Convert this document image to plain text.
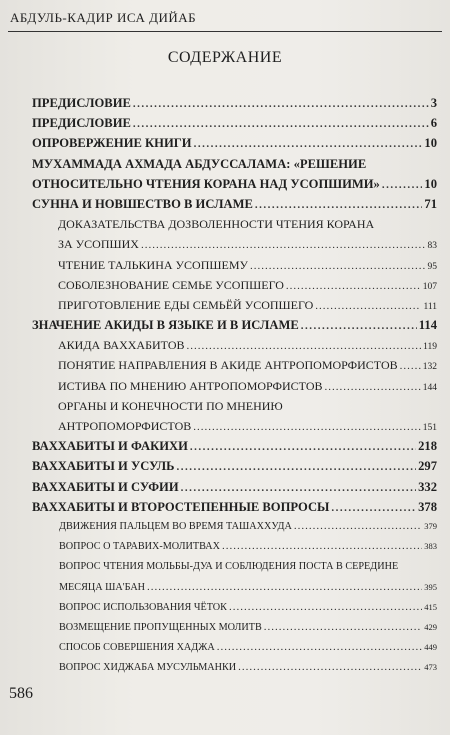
АБДУЛЬ-КАДИР ИСА ДИЙАБ
СОДЕРЖАНИЕ
ПРЕДИСЛОВИЕ .....	3
ПРЕДИСЛОВИЕ .....	6
ОПРОВЕРЖЕНИЕ КНИГИ .....	10
МУХАММАДА АХМАДА АБДУССАЛАМА: «РЕШЕНИЕ
ОТНОСИТЕЛЬНО ЧТЕНИЯ КОРАНА НАД УСОПШИМИ» .....	10
СУННА И НОВШЕСТВО В ИСЛАМЕ .....	71
ДОКАЗАТЕЛЬСТВА ДОЗВОЛЕННОСТИ ЧТЕНИЯ КОРАНА
ЗА УСОПШИХ .....	83
ЧТЕНИЕ ТАЛЬКИНА УСОПШЕМУ .....	95
СОБОЛЕЗНОВАНИЕ СЕМЬЕ УСОПШЕГО .....	107
ПРИГОТОВЛЕНИЕ ЕДЫ СЕМЬЁЙ УСОПШЕГО .....	111
ЗНАЧЕНИЕ АКИДЫ В ЯЗЫКЕ И В ИСЛАМЕ .....	114
АКИДА ВАХХАБИТОВ .....	119
ПОНЯТИЕ НАПРАВЛЕНИЯ В АКИДЕ АНТРОПОМОРФИСТОВ .....	132
ИСТИВА ПО МНЕНИЮ АНТРОПОМОРФИСТОВ .....	144
ОРГАНЫ И КОНЕЧНОСТИ ПО МНЕНИЮ
АНТРОПОМОРФИСТОВ .....	151
ВАХХАБИТЫ И ФАКИХИ .....	218
ВАХХАБИТЫ И УСУЛЬ .....	297
ВАХХАБИТЫ И СУФИИ .....	332
ВАХХАБИТЫ И ВТОРОСТЕПЕННЫЕ ВОПРОСЫ .....	378
ДВИЖЕНИЯ ПАЛЬЦЕМ ВО ВРЕМЯ ТАШАХХУДА .....	379
ВОПРОС О ТАРАВИХ-МОЛИТВАХ .....	383
ВОПРОС ЧТЕНИЯ МОЛЬБЫ-ДУА И СОБЛЮДЕНИЯ ПОСТА В СЕРЕДИНЕ
МЕСЯЦА ША'БАН .....	395
ВОПРОС ИСПОЛЬЗОВАНИЯ ЧЁТОК .....	415
ВОЗМЕЩЕНИЕ ПРОПУЩЕННЫХ МОЛИТВ .....	429
СПОСОБ СОВЕРШЕНИЯ ХАДЖА .....	449
ВОПРОС ХИДЖАБА МУСУЛЬМАНКИ .....	473
586
